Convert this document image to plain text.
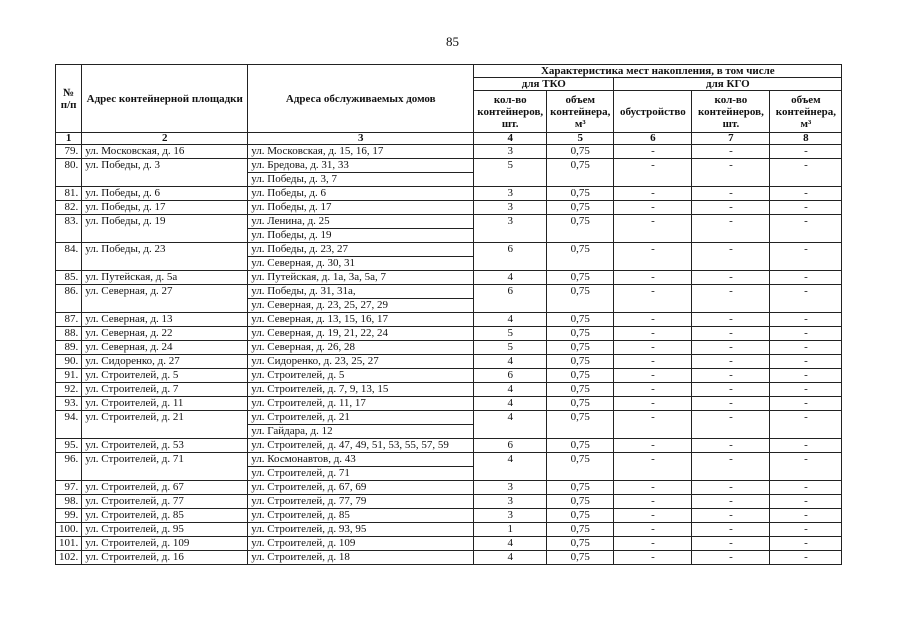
85
№ п/п	Адрес контейнерной площадки	Адреса обслуживаемых домов	Характеристика мест накопления, в том числе				
			для ТКО		для КГО		
			кол-во контейнеров, шт.	объем контейнера, м³	обустройство	кол-во контейнеров, шт.	объем контейнера, м³
1	2	3	4	5	6	7	8
79.	ул. Московская, д. 16	ул. Московская, д. 15, 16, 17	3	0,75	-	-	-
80.	ул. Победы, д. 3	ул. Бредова, д. 31, 33
ул. Победы, д. 3, 7	5	0,75	-	-	-
81.	ул. Победы, д. 6	ул. Победы, д. 6	3	0,75	-	-	-
82.	ул. Победы, д. 17	ул. Победы, д. 17	3	0,75	-	-	-
83.	ул. Победы, д. 19	ул. Ленина, д. 25
ул. Победы, д. 19	3	0,75	-	-	-
84.	ул. Победы, д. 23	ул. Победы, д. 23, 27
ул. Северная, д. 30, 31	6	0,75	-	-	-
85.	ул. Путейская, д. 5а	ул. Путейская, д. 1а, 3а, 5а, 7	4	0,75	-	-	-
86.	ул. Северная, д. 27	ул. Победы, д. 31, 31а,
ул. Северная, д. 23, 25, 27, 29	6	0,75	-	-	-
87.	ул. Северная, д. 13	ул. Северная, д. 13, 15, 16, 17	4	0,75	-	-	-
88.	ул. Северная, д. 22	ул. Северная, д. 19, 21, 22, 24	5	0,75	-	-	-
89.	ул. Северная, д. 24	ул. Северная, д. 26, 28	5	0,75	-	-	-
90.	ул. Сидоренко, д. 27	ул. Сидоренко, д. 23, 25, 27	4	0,75	-	-	-
91.	ул. Строителей, д. 5	ул. Строителей, д. 5	6	0,75	-	-	-
92.	ул. Строителей, д. 7	ул. Строителей, д. 7, 9, 13, 15	4	0,75	-	-	-
93.	ул. Строителей, д. 11	ул. Строителей, д. 11, 17	4	0,75	-	-	-
94.	ул. Строителей, д. 21	ул. Строителей, д. 21
ул. Гайдара, д. 12	4	0,75	-	-	-
95.	ул. Строителей, д. 53	ул. Строителей, д. 47, 49, 51, 53, 55, 57, 59	6	0,75	-	-	-
96.	ул. Строителей, д. 71	ул. Космонавтов, д. 43
ул. Строителей, д. 71	4	0,75	-	-	-
97.	ул. Строителей, д. 67	ул. Строителей, д. 67, 69	3	0,75	-	-	-
98.	ул. Строителей, д. 77	ул. Строителей, д. 77, 79	3	0,75	-	-	-
99.	ул. Строителей, д. 85	ул. Строителей, д. 85	3	0,75	-	-	-
100.	ул. Строителей, д. 95	ул. Строителей, д. 93, 95	1	0,75	-	-	-
101.	ул. Строителей, д. 109	ул. Строителей, д. 109	4	0,75	-	-	-
102.	ул. Строителей, д. 16	ул. Строителей, д. 18	4	0,75	-	-	-
